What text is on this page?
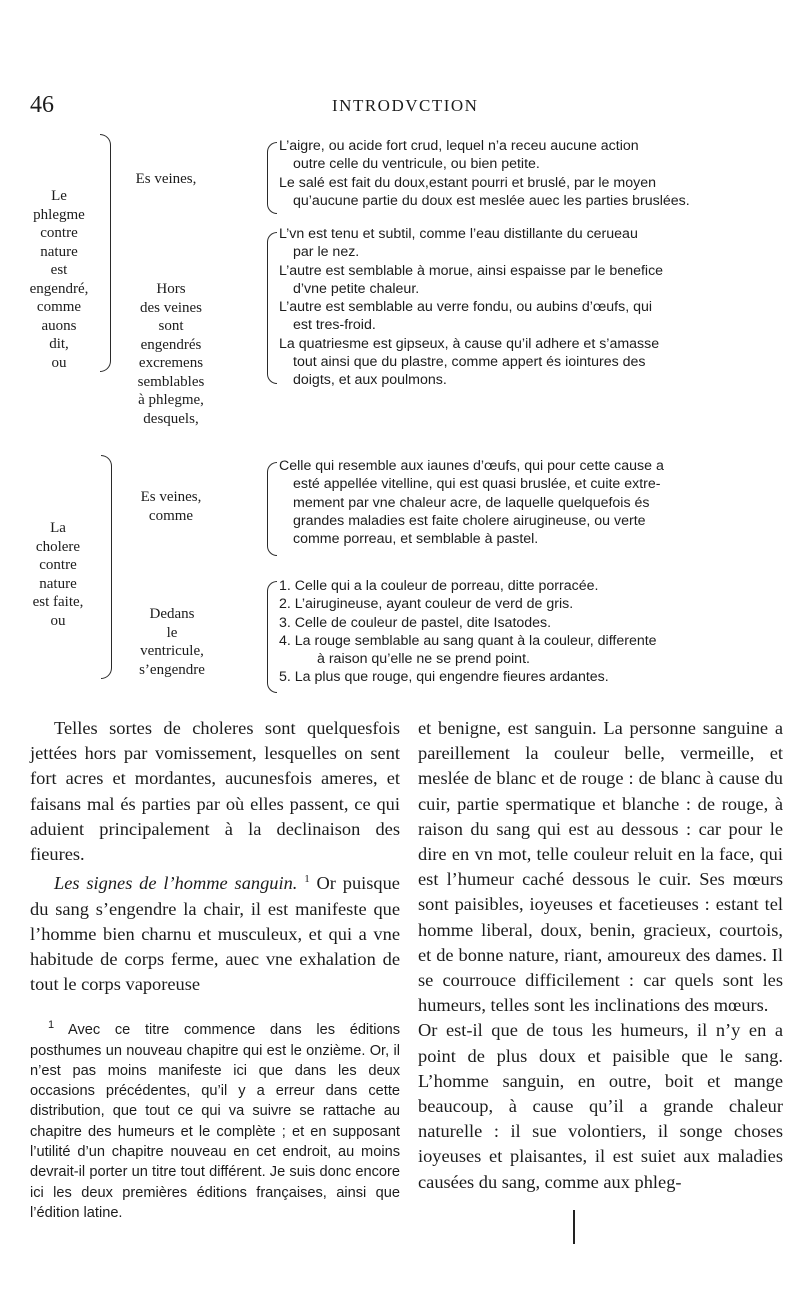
46	INTRODVCTION
Le
phlegme
contre
nature
est
engendré,
comme
auons
dit,
ou
Es veines,
Hors
des veines
sont
engendrés
excremens
semblables
à phlegme,
desquels,
L’aigre, ou acide fort crud, lequel n’a receu aucune action
outre celle du ventricule, ou bien petite.
Le salé est fait du doux,estant pourri et bruslé, par le moyen
qu’aucune partie du doux est meslée auec les parties bruslées.
L’vn est tenu et subtil, comme l’eau distillante du cerueau
par le nez.
L’autre est semblable à morue, ainsi espaisse par le benefice
d’vne petite chaleur.
L’autre est semblable au verre fondu, ou aubins d’œufs, qui
est tres-froid.
La quatriesme est gipseux, à cause qu’il adhere et s’amasse
tout ainsi que du plastre, comme appert és iointures des
doigts, et aux poulmons.
La
cholere
contre
nature
est faite,
ou
Es veines,
comme
Dedans
le
ventricule,
s’engendre
Celle qui resemble aux iaunes d’œufs, qui pour cette cause a
esté appellée vitelline, qui est quasi bruslée, et cuite extre-
mement par vne chaleur acre, de laquelle quelquefois és
grandes maladies est faite cholere airugineuse, ou verte
comme porreau, et semblable à pastel.
1. Celle qui a la couleur de porreau, ditte porracée.
2. L’airugineuse, ayant couleur de verd de gris.
3. Celle de couleur de pastel, dite Isatodes.
4. La rouge semblable au sang quant à la couleur, differente
à raison qu’elle ne se prend point.
5. La plus que rouge, qui engendre fieures ardantes.

Telles sortes de choleres sont quelquesfois jettées hors par vomissement, lesquelles on sent fort acres et mordantes, aucunesfois ameres, et faisans mal és parties par où elles passent, ce qui aduient principalement à la declinaison des fieures.

Les signes de l’homme sanguin. $^1$ Or puisque du sang s’engendre la chair, il est manifeste que l’homme bien charnu et musculeux, et qui a vne habitude de corps ferme, auec vne exhalation de tout le corps vaporeuse

$^1$ Avec ce titre commence dans les éditions posthumes un nouveau chapitre qui est le onzième. Or, il n’est pas moins manifeste ici que dans les deux occasions précédentes, qu’il y a erreur dans cette distribution, que tout ce qui va suivre se rattache au chapitre des humeurs et le complète ; et en supposant l’utilité d’un chapitre nouveau en cet endroit, au moins devrait-il porter un titre tout différent. Je suis donc encore ici les deux premières éditions françaises, ainsi que l’édition latine.

et benigne, est sanguin. La personne sanguine a pareillement la couleur belle, vermeille, et meslée de blanc et de rouge : de blanc à cause du cuir, partie spermatique et blanche : de rouge, à raison du sang qui est au dessous : car pour le dire en vn mot, telle couleur reluit en la face, qui est l’humeur caché dessous le cuir. Ses mœurs sont paisibles, ioyeuses et facetieuses : estant tel homme liberal, doux, benin, gracieux, courtois, et de bonne nature, riant, amoureux des dames. Il se courrouce difficilement : car quels sont les humeurs, telles sont les inclinations des mœurs.

Or est-il que de tous les humeurs, il n’y en a point de plus doux et paisible que le sang. L’homme sanguin, en outre, boit et mange beaucoup, à cause qu’il a grande chaleur naturelle : il sue volontiers, il songe choses ioyeuses et plaisantes, il est suiet aux maladies causées du sang, comme aux phleg-
